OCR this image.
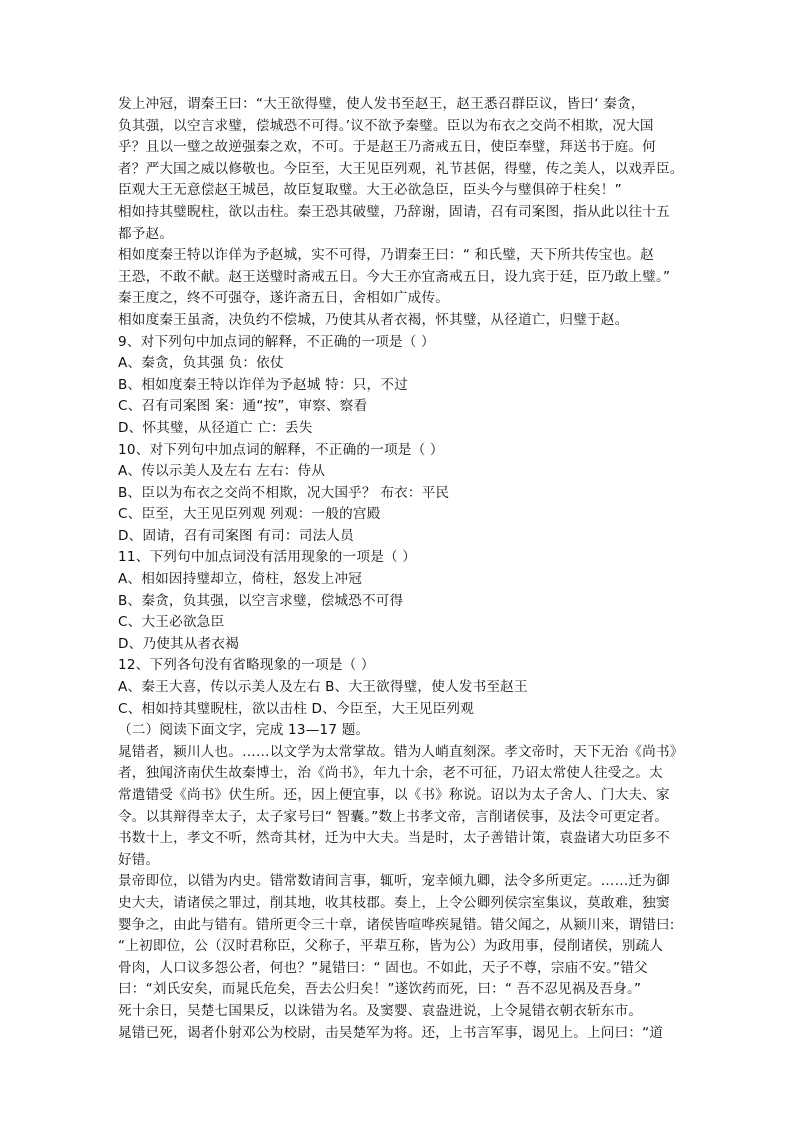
发上冲冠，谓秦王曰：“大王欲得璧，使人发书至赵王，赵王悉召群臣议，皆曰‘ 秦贪，
负其强，以空言求璧，偿城恐不可得。’议不欲予秦璧。臣以为布衣之交尚不相欺，况大国
乎？且以一璧之故逆强秦之欢，不可。于是赵王乃斋戒五日，使臣奉璧，拜送书于庭。何
者？严大国之威以修敬也。今臣至，大王见臣列观，礼节甚倨，得璧，传之美人，以戏弄臣。
臣观大王无意偿赵王城邑，故臣复取璧。大王必欲急臣，臣头今与璧俱碎于柱矣！”
相如持其璧睨柱，欲以击柱。秦王恐其破璧，乃辞谢，固请，召有司案图，指从此以往十五
都予赵。
相如度秦王特以诈佯为予赵城，实不可得，乃谓秦王曰：“ 和氏璧，天下所共传宝也。赵
王恐，不敢不献。赵王送璧时斋戒五日。今大王亦宜斋戒五日，设九宾于廷，臣乃敢上璧。”
秦王度之，终不可强夺，遂许斋五日，舍相如广成传。
相如度秦王虽斋，决负约不偿城，乃使其从者衣褐，怀其璧，从径道亡，归璧于赵。
9、对下列句中加点词的解释，不正确的一项是（ ）
A、秦贪，负其强 负：依仗
B、相如度秦王特以诈佯为予赵城 特：只，不过
C、召有司案图 案：通“按”，审察、察看
D、怀其璧，从径道亡 亡：丢失
10、对下列句中加点词的解释，不正确的一项是（ ）
A、传以示美人及左右 左右：侍从
B、臣以为布衣之交尚不相欺，况大国乎？ 布衣：平民
C、臣至，大王见臣列观 列观：一般的宫殿
D、固请，召有司案图 有司：司法人员
11、下列句中加点词没有活用现象的一项是（ ）
A、相如因持璧却立，倚柱，怒发上冲冠
B、秦贪，负其强，以空言求璧，偿城恐不可得
C、大王必欲急臣
D、乃使其从者衣褐
12、下列各句没有省略现象的一项是（ ）
A、秦王大喜，传以示美人及左右 B、大王欲得璧，使人发书至赵王
C、相如持其璧睨柱，欲以击柱 D、今臣至，大王见臣列观
（二）阅读下面文字，完成 13—17 题。
晁错者，颍川人也。……以文学为太常掌故。错为人峭直刻深。孝文帝时，天下无治《尚书》
者，独闻济南伏生故秦博士，治《尚书》，年九十余，老不可征，乃诏太常使人往受之。太
常遣错受《尚书》伏生所。还，因上便宜事，以《书》称说。诏以为太子舍人、门大夫、家
令。以其辩得幸太子，太子家号曰“ 智囊。”数上书孝文帝，言削诸侯事，及法令可更定者。
书数十上，孝文不听，然奇其材，迁为中大夫。当是时，太子善错计策，袁盎诸大功臣多不
好错。
景帝即位，以错为内史。错常数请间言事，辄听，宠幸倾九卿，法令多所更定。……迁为御
史大夫，请诸侯之罪过，削其地，收其枝郡。奏上，上令公卿列侯宗室集议，莫敢难，独窦
婴争之，由此与错有。错所更令三十章，诸侯皆喧哗疾晁错。错父闻之，从颍川来，谓错曰:
“上初即位，公（汉时君称臣，父称子，平辈互称，皆为公）为政用事，侵削诸侯，别疏人
骨肉，人口议多怨公者，何也？”晁错曰：“ 固也。不如此，天子不尊，宗庙不安。”错父
曰：“刘氏安矣，而晁氏危矣，吾去公归矣！”遂饮药而死，曰：“ 吾不忍见祸及吾身。”
死十余日，吴楚七国果反，以诛错为名。及窦婴、袁盎进说，上令晁错衣朝衣斩东市。
晁错已死，谒者仆射邓公为校尉，击吴楚军为将。还，上书言军事，谒见上。上问曰：“道
